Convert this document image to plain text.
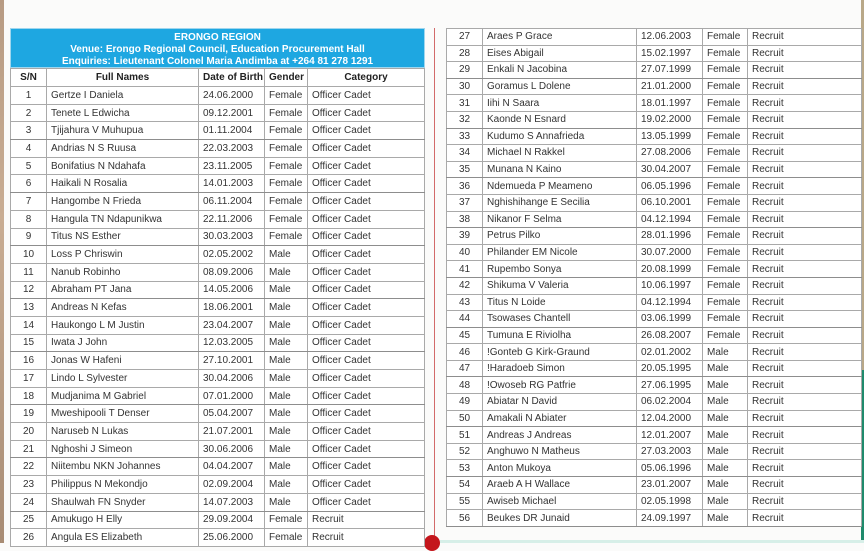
ERONGO REGION
Venue: Erongo Regional Council, Education Procurement Hall
Enquiries: Lieutenant Colonel Maria Andimba at +264 81 278 1291
S/N	Full Names	Date of Birth	Gender	Category
1	Gertze I Daniela	24.06.2000	Female	Officer Cadet
2	Tenete L Edwicha	09.12.2001	Female	Officer Cadet
3	Tjijahura V Muhupua	01.11.2004	Female	Officer Cadet
4	Andrias N S Ruusa	22.03.2003	Female	Officer Cadet
5	Bonifatius N Ndahafa	23.11.2005	Female	Officer Cadet
6	Haikali N Rosalia	14.01.2003	Female	Officer Cadet
7	Hangombe N Frieda	06.11.2004	Female	Officer Cadet
8	Hangula TN Ndapunikwa	22.11.2006	Female	Officer Cadet
9	Titus NS Esther	30.03.2003	Female	Officer Cadet
10	Loss P Chriswin	02.05.2002	Male	Officer Cadet
11	Nanub Robinho	08.09.2006	Male	Officer Cadet
12	Abraham PT Jana	14.05.2006	Male	Officer Cadet
13	Andreas N Kefas	18.06.2001	Male	Officer Cadet
14	Haukongo L M Justin	23.04.2007	Male	Officer Cadet
15	Iwata J John	12.03.2005	Male	Officer Cadet
16	Jonas W Hafeni	27.10.2001	Male	Officer Cadet
17	Lindo L Sylvester	30.04.2006	Male	Officer Cadet
18	Mudjanima M Gabriel	07.01.2000	Male	Officer Cadet
19	Mweshipooli T Denser	05.04.2007	Male	Officer Cadet
20	Naruseb N Lukas	21.07.2001	Male	Officer Cadet
21	Nghoshi J Simeon	30.06.2006	Male	Officer Cadet
22	Niitembu NKN Johannes	04.04.2007	Male	Officer Cadet
23	Philippus N Mekondjo	02.09.2004	Male	Officer Cadet
24	Shaulwah FN Snyder	14.07.2003	Male	Officer Cadet
25	Amukugo H Elly	29.09.2004	Female	Recruit
26	Angula ES Elizabeth	25.06.2000	Female	Recruit
27	Araes P Grace	12.06.2003	Female	Recruit
28	Eises Abigail	15.02.1997	Female	Recruit
29	Enkali N Jacobina	27.07.1999	Female	Recruit
30	Goramus L Dolene	21.01.2000	Female	Recruit
31	Iihi N Saara	18.01.1997	Female	Recruit
32	Kaonde N Esnard	19.02.2000	Female	Recruit
33	Kudumo S Annafrieda	13.05.1999	Female	Recruit
34	Michael N Rakkel	27.08.2006	Female	Recruit
35	Munana N Kaino	30.04.2007	Female	Recruit
36	Ndemueda P Meameno	06.05.1996	Female	Recruit
37	Nghishihange E Secilia	06.10.2001	Female	Recruit
38	Nikanor F Selma	04.12.1994	Female	Recruit
39	Petrus Pilko	28.01.1996	Female	Recruit
40	Philander EM Nicole	30.07.2000	Female	Recruit
41	Rupembo Sonya	20.08.1999	Female	Recruit
42	Shikuma V Valeria	10.06.1997	Female	Recruit
43	Titus N Loide	04.12.1994	Female	Recruit
44	Tsowases Chantell	03.06.1999	Female	Recruit
45	Tumuna E Riviolha	26.08.2007	Female	Recruit
46	!Gonteb G Kirk-Graund	02.01.2002	Male	Recruit
47	!Haradoeb Simon	20.05.1995	Male	Recruit
48	!Owoseb RG Patfrie	27.06.1995	Male	Recruit
49	Abiatar N David	06.02.2004	Male	Recruit
50	Amakali N Abiater	12.04.2000	Male	Recruit
51	Andreas J Andreas	12.01.2007	Male	Recruit
52	Anghuwo N Matheus	27.03.2003	Male	Recruit
53	Anton Mukoya	05.06.1996	Male	Recruit
54	Araeb A H Wallace	23.01.2007	Male	Recruit
55	Awiseb Michael	02.05.1998	Male	Recruit
56	Beukes DR Junaid	24.09.1997	Male	Recruit
